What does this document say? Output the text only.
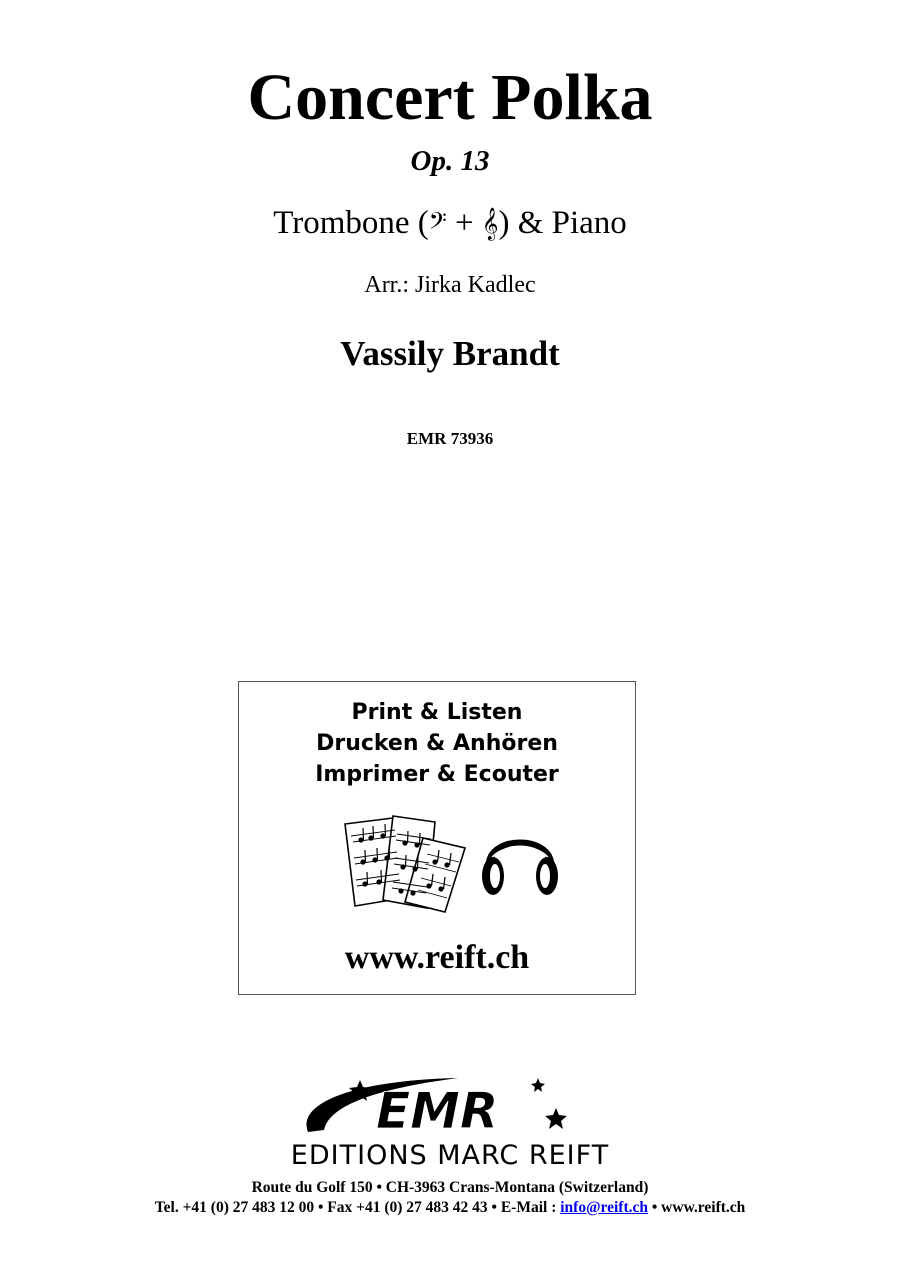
Concert Polka
Op. 13
Trombone (𝄢 + 𝄞) & Piano
Arr.: Jirka Kadlec
Vassily Brandt
EMR 73936
Print & Listen
Drucken & Anhören
Imprimer & Ecouter
www.reift.ch
EMR
EDITIONS MARC REIFT
Route du Golf 150 • CH-3963 Crans-Montana (Switzerland)
Tel. +41 (0) 27 483 12 00 • Fax +41 (0) 27 483 42 43 • E-Mail : info@reift.ch • www.reift.ch
